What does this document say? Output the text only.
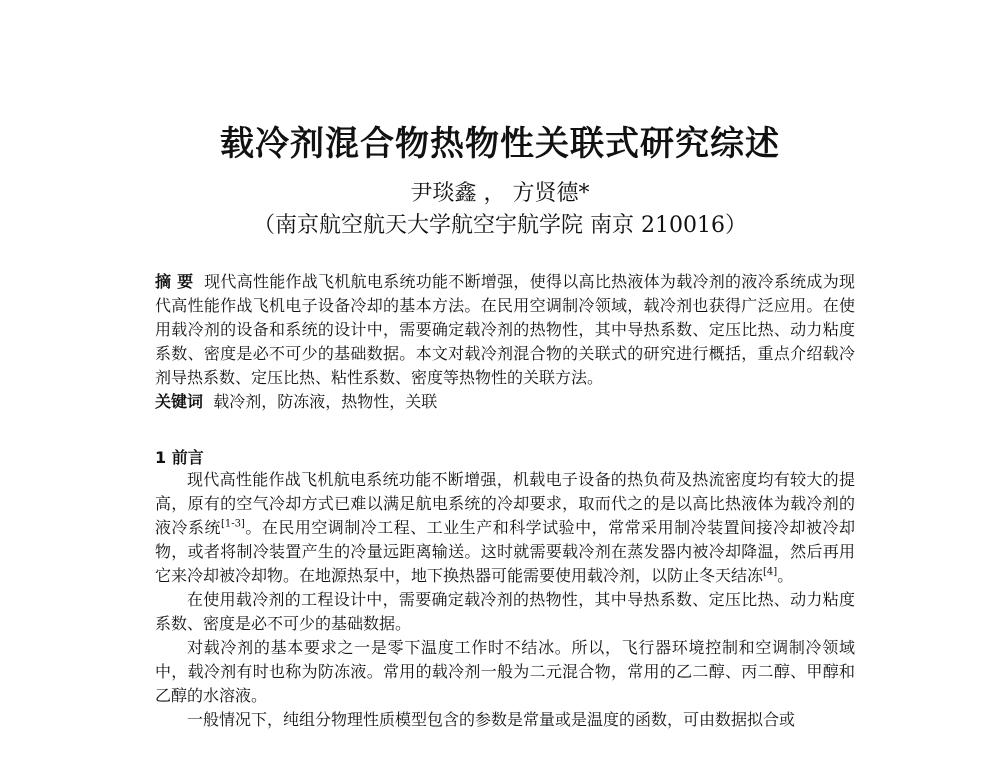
载冷剂混合物热物性关联式研究综述

尹琰鑫 ， 方贤德*

（南京航空航天大学航空宇航学院 南京 210016）

摘 要 现代高性能作战飞机航电系统功能不断增强，使得以高比热液体为载冷剂的液冷系统成为现代高性能作战飞机电子设备冷却的基本方法。在民用空调制冷领域，载冷剂也获得广泛应用。在使用载冷剂的设备和系统的设计中，需要确定载冷剂的热物性，其中导热系数、定压比热、动力粘度系数、密度是必不可少的基础数据。本文对载冷剂混合物的关联式的研究进行概括，重点介绍载冷剂导热系数、定压比热、粘性系数、密度等热物性的关联方法。

关键词 载冷剂，防冻液，热物性，关联

1 前言

现代高性能作战飞机航电系统功能不断增强，机载电子设备的热负荷及热流密度均有较大的提高，原有的空气冷却方式已难以满足航电系统的冷却要求，取而代之的是以高比热液体为载冷剂的液冷系统[1-3]。在民用空调制冷工程、工业生产和科学试验中，常常采用制冷装置间接冷却被冷却物，或者将制冷装置产生的冷量远距离输送。这时就需要载冷剂在蒸发器内被冷却降温，然后再用它来冷却被冷却物。在地源热泵中，地下换热器可能需要使用载冷剂，以防止冬天结冻[4]。

在使用载冷剂的工程设计中，需要确定载冷剂的热物性，其中导热系数、定压比热、动力粘度系数、密度是必不可少的基础数据。

对载冷剂的基本要求之一是零下温度工作时不结冰。所以，飞行器环境控制和空调制冷领域中，载冷剂有时也称为防冻液。常用的载冷剂一般为二元混合物，常用的乙二醇、丙二醇、甲醇和乙醇的水溶液。

一般情况下，纯组分物理性质模型包含的参数是常量或是温度的函数，可由数据拟合或
